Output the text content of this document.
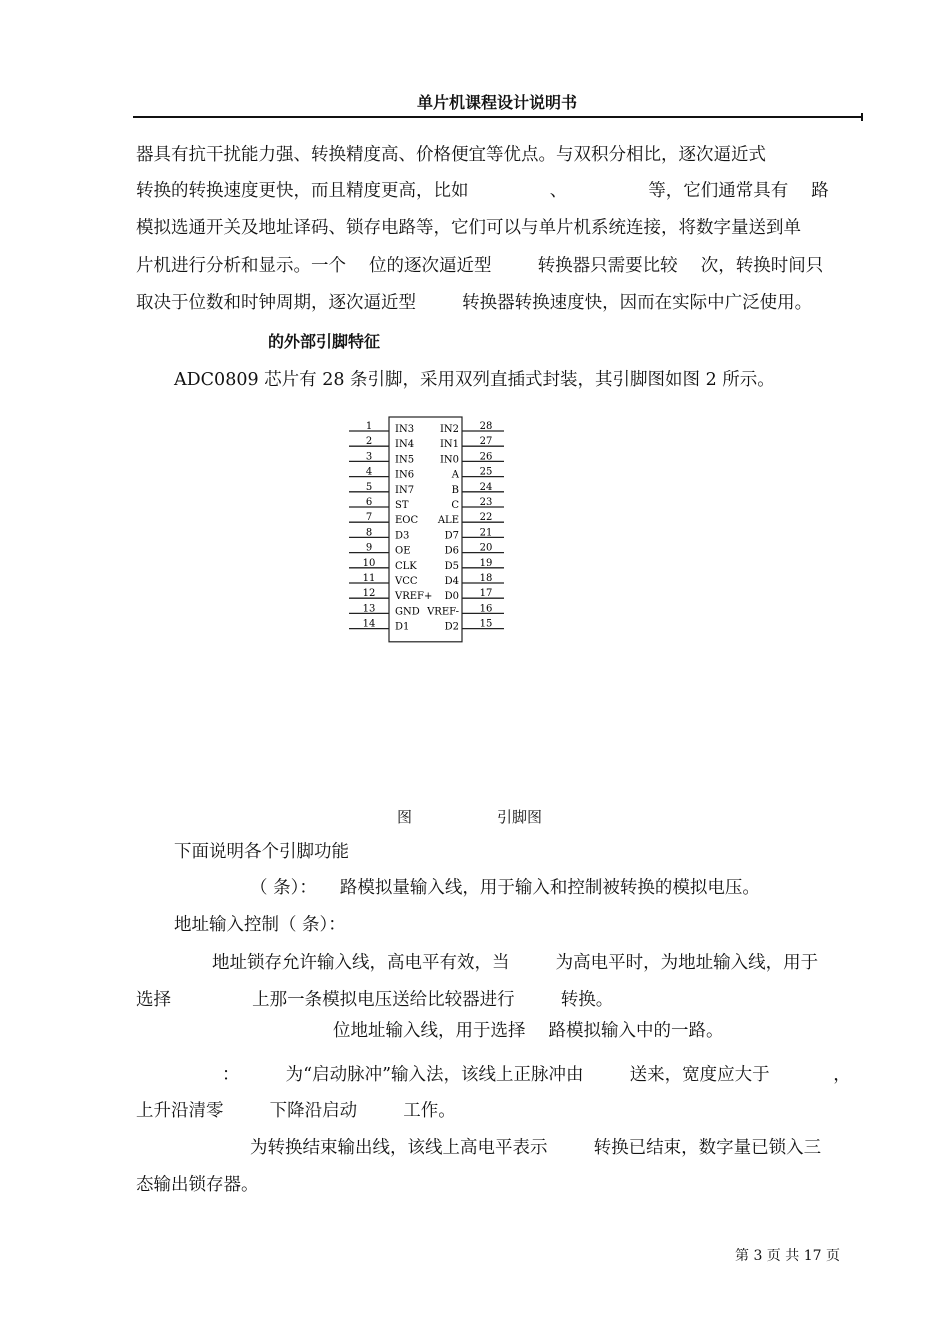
单片机课程设计说明书
器具有抗干扰能力强、转换精度高、价格便宜等优点。与双积分相比，逐次逼近式
转换的转换速度更快，而且精度更高，比如 　　　　 、 　　　　 等，它们通常具有 　路
模拟选通开关及地址译码、锁存电路等，它们可以与单片机系统连接，将数字量送到单
片机进行分析和显示。一个 　位的逐次逼近型 　　 转换器只需要比较 　次，转换时间只
取决于位数和时钟周期，逐次逼近型 　　 转换器转换速度快，因而在实际中广泛使用。
的外部引脚特征
ADC0809 芯片有 28 条引脚，采用双列直插式封装，其引脚图如图 2 所示。
1 IN3
2 IN4
3 IN5
4 IN6
5 IN7
6 ST
7 EOC
8 D3
9 OE
10 CLK
11 VCC
12 VREF+
13 GND
14 D1
28
IN2
27
IN1
26
IN0
25
A
24
B
23
C
22
ALE
21
D7
20
D6
19
D5
18
D4
17
D0
16
VREF-
15
D2
图	引脚图
下面说明各个引脚功能
（ 条）： 　路模拟量输入线，用于输入和控制被转换的模拟电压。
地址输入控制（ 条）：
地址锁存允许输入线，高电平有效，当 　　 为高电平时，为地址输入线，用于
选择 　　　　 上那一条模拟电压送给比较器进行 　　 转换。
位地址输入线，用于选择 　路模拟输入中的一路。
： 　　 为“启动脉冲”输入法，该线上正脉冲由 　　 送来，宽度应大于 　　　 ，
上升沿清零 　　 下降沿启动 　　 工作。
为转换结束输出线，该线上高电平表示 　　 转换已结束，数字量已锁入三
态输出锁存器。
第 3 页 共 17 页
